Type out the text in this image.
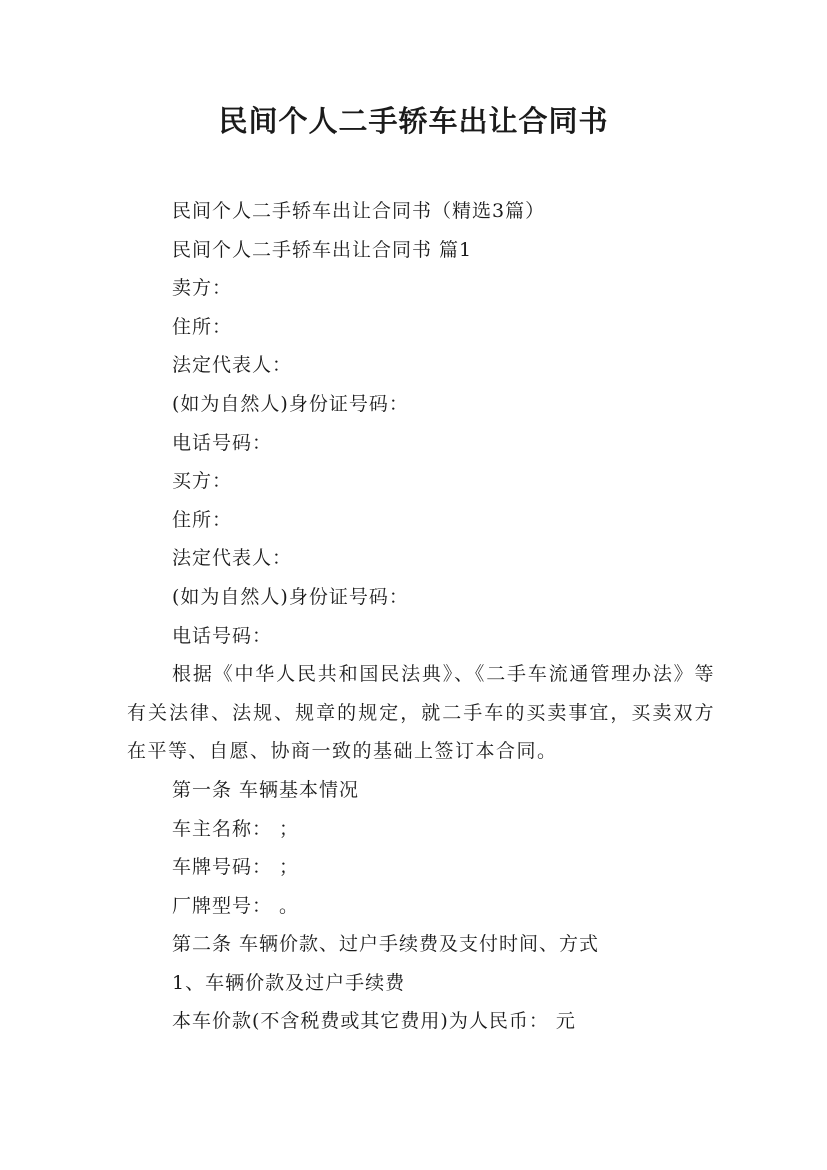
民间个人二手轿车出让合同书

民间个人二手轿车出让合同书（精选3篇）

民间个人二手轿车出让合同书 篇1

卖方：

住所：

法定代表人：

(如为自然人)身份证号码：

电话号码：

买方：

住所：

法定代表人：

(如为自然人)身份证号码：

电话号码：

根据《中华人民共和国民法典》、《二手车流通管理办法》等有关法律、法规、规章的规定，就二手车的买卖事宜，买卖双方在平等、自愿、协商一致的基础上签订本合同。

第一条 车辆基本情况

车主名称： ；

车牌号码： ；

厂牌型号： 。

第二条 车辆价款、过户手续费及支付时间、方式

1、车辆价款及过户手续费

本车价款(不含税费或其它费用)为人民币： 元
